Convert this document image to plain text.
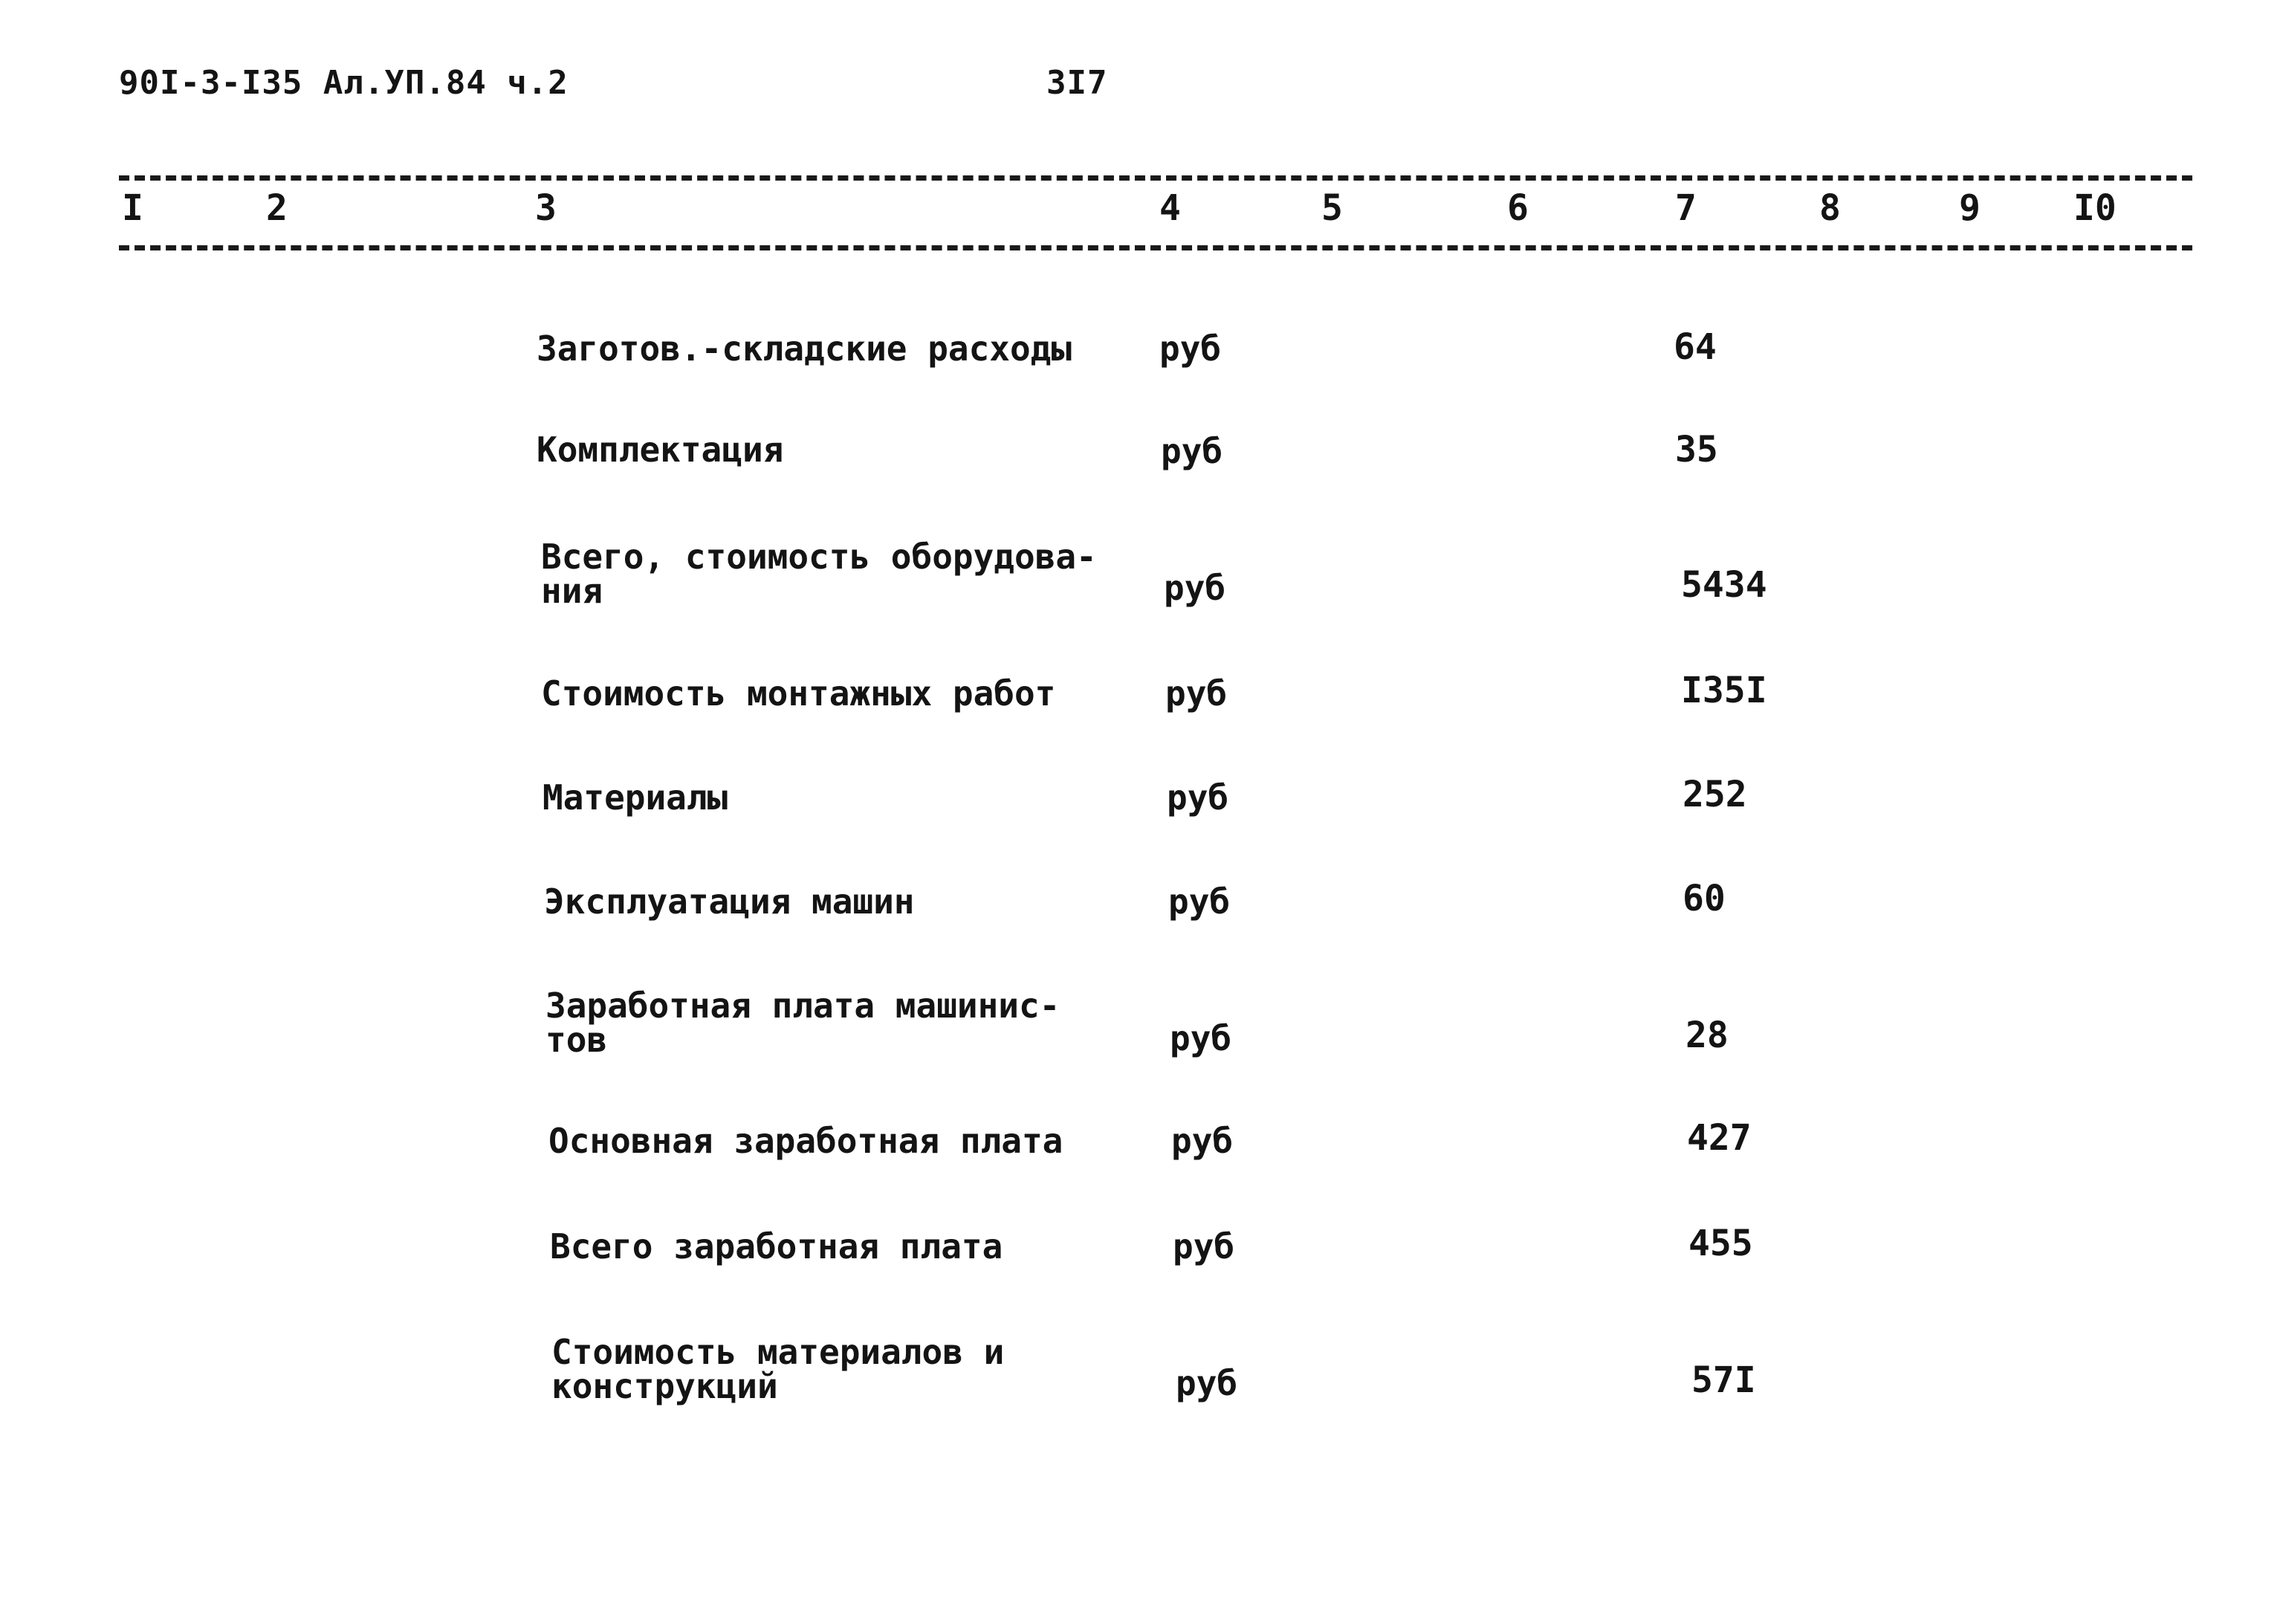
90I-3-I35 Ал.УП.84 ч.2	3I7
I	2	3	4	5	6	7	8	9	I0
Заготов.-складские расходы	руб	64
Комплектация	руб	35
Всего, стоимость оборудова-
ния	руб	5434
Стоимость монтажных работ	руб	I35I
Материалы	руб	252
Эксплуатация машин	руб	60
Заработная плата машинис-
тов	руб	28
Основная заработная плата	руб	427
Всего заработная плата	руб	455
Стоимость материалов и
конструкций	руб	57I
